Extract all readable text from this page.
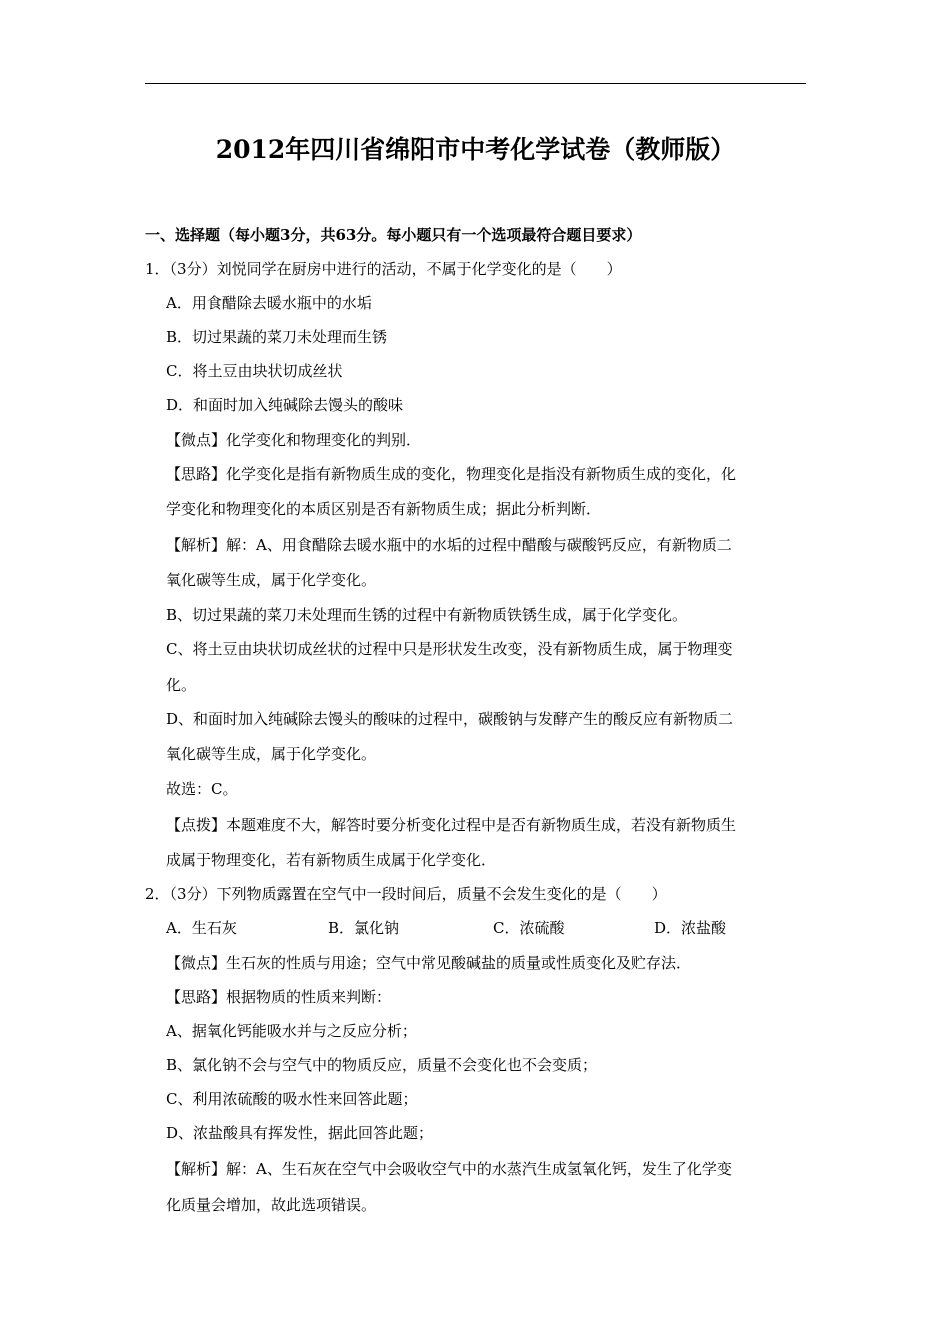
2012年四川省绵阳市中考化学试卷（教师版）
一、选择题（每小题3分，共63分。每小题只有一个选项最符合题目要求）
1．（3分）刘悦同学在厨房中进行的活动，不属于化学变化的是（　　）
A．用食醋除去暖水瓶中的水垢
B．切过果蔬的菜刀未处理而生锈
C．将土豆由块状切成丝状
D．和面时加入纯碱除去馒头的酸味
【微点】化学变化和物理变化的判别．
【思路】化学变化是指有新物质生成的变化，物理变化是指没有新物质生成的变化，化
学变化和物理变化的本质区别是否有新物质生成；据此分析判断．
【解析】解：A、用食醋除去暖水瓶中的水垢的过程中醋酸与碳酸钙反应，有新物质二
氧化碳等生成，属于化学变化。
B、切过果蔬的菜刀未处理而生锈的过程中有新物质铁锈生成，属于化学变化。
C、将土豆由块状切成丝状的过程中只是形状发生改变，没有新物质生成，属于物理变
化。
D、和面时加入纯碱除去馒头的酸味的过程中，碳酸钠与发酵产生的酸反应有新物质二
氧化碳等生成，属于化学变化。
故选：C。
【点拨】本题难度不大，解答时要分析变化过程中是否有新物质生成，若没有新物质生
成属于物理变化，若有新物质生成属于化学变化．
2．（3分）下列物质露置在空气中一段时间后，质量不会发生变化的是（　　）
A．生石灰	B．氯化钠	C．浓硫酸	D．浓盐酸
【微点】生石灰的性质与用途；空气中常见酸碱盐的质量或性质变化及贮存法．
【思路】根据物质的性质来判断：
A、据氧化钙能吸水并与之反应分析；
B、氯化钠不会与空气中的物质反应，质量不会变化也不会变质；
C、利用浓硫酸的吸水性来回答此题；
D、浓盐酸具有挥发性，据此回答此题；
【解析】解：A、生石灰在空气中会吸收空气中的水蒸汽生成氢氧化钙，发生了化学变
化质量会增加，故此选项错误。
